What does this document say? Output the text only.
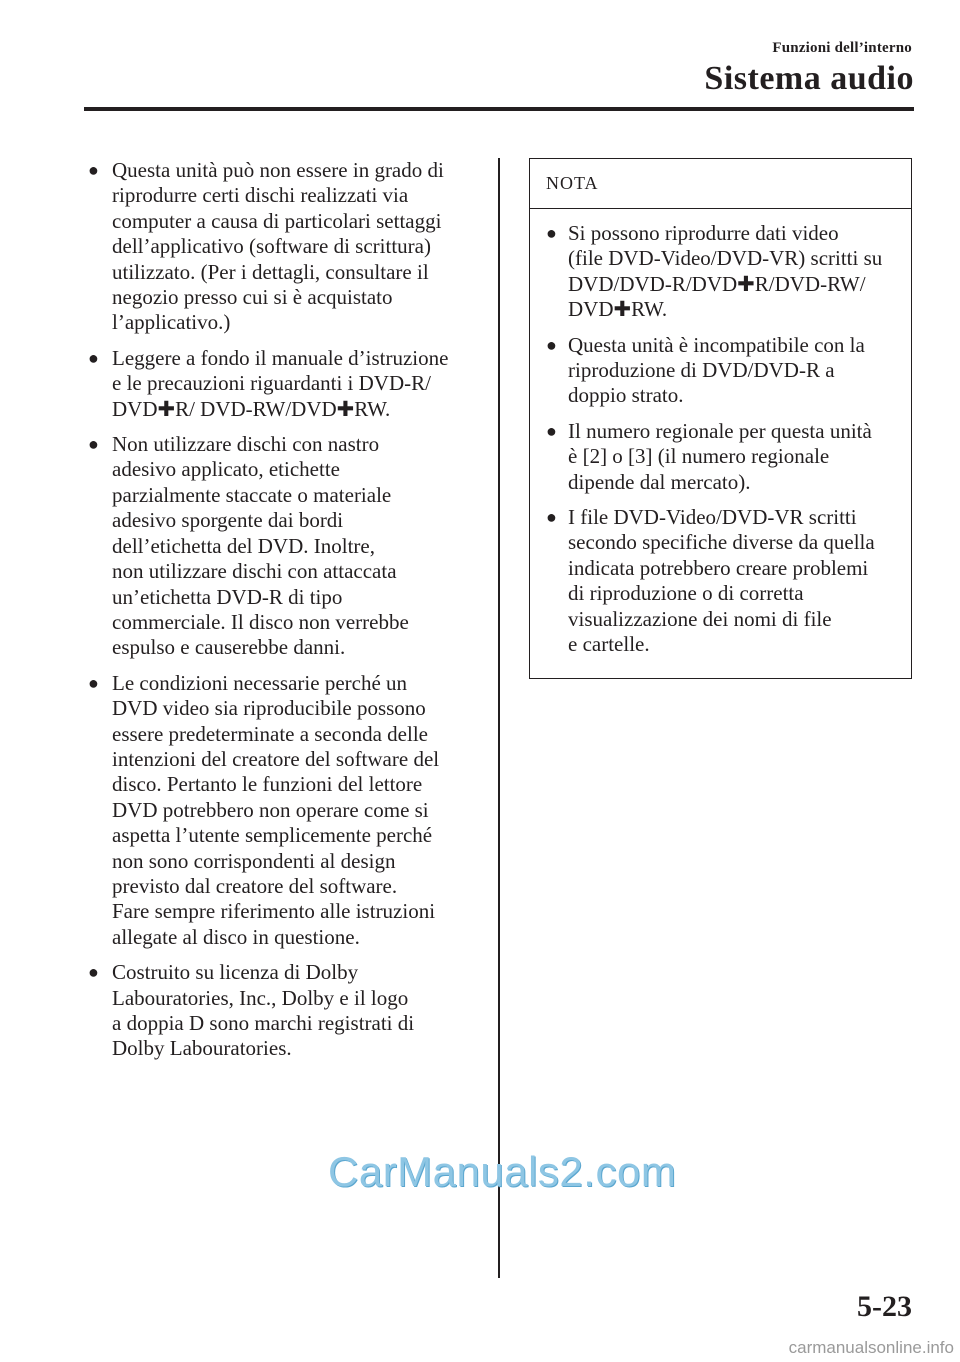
Funzioni dell’interno
Sistema audio
● Questa unità può non essere in grado di
riprodurre certi dischi realizzati via
computer a causa di particolari settaggi
dell’applicativo (software di scrittura)
utilizzato. (Per i dettagli, consultare il
negozio presso cui si è acquistato
l’applicativo.)
● Leggere a fondo il manuale d’istruzione
e le precauzioni riguardanti i DVD-R/
DVD✚R/ DVD-RW/DVD✚RW.
● Non utilizzare dischi con nastro
adesivo applicato, etichette
parzialmente staccate o materiale
adesivo sporgente dai bordi
dell’etichetta del DVD. Inoltre,
non utilizzare dischi con attaccata
un’etichetta DVD-R di tipo
commerciale. Il disco non verrebbe
espulso e causerebbe danni.
● Le condizioni necessarie perché un
DVD video sia riproducibile possono
essere predeterminate a seconda delle
intenzioni del creatore del software del
disco. Pertanto le funzioni del lettore
DVD potrebbero non operare come si
aspetta l’utente semplicemente perché
non sono corrispondenti al design
previsto dal creatore del software.
Fare sempre riferimento alle istruzioni
allegate al disco in questione.
● Costruito su licenza di Dolby
Labouratories, Inc., Dolby e il logo
a doppia D sono marchi registrati di
Dolby Labouratories.
NOTA
● Si possono riprodurre dati video
(file DVD-Video/DVD-VR) scritti su
DVD/DVD-R/DVD✚R/DVD-RW/
DVD✚RW.
● Questa unità è incompatibile con la
riproduzione di DVD/DVD-R a
doppio strato.
● Il numero regionale per questa unità
è [2] o [3] (il numero regionale
dipende dal mercato).
● I file DVD-Video/DVD-VR scritti
secondo specifiche diverse da quella
indicata potrebbero creare problemi
di riproduzione o di corretta
visualizzazione dei nomi di file
e cartelle.
CarManuals2.com
5-23
carmanualsonline.info
